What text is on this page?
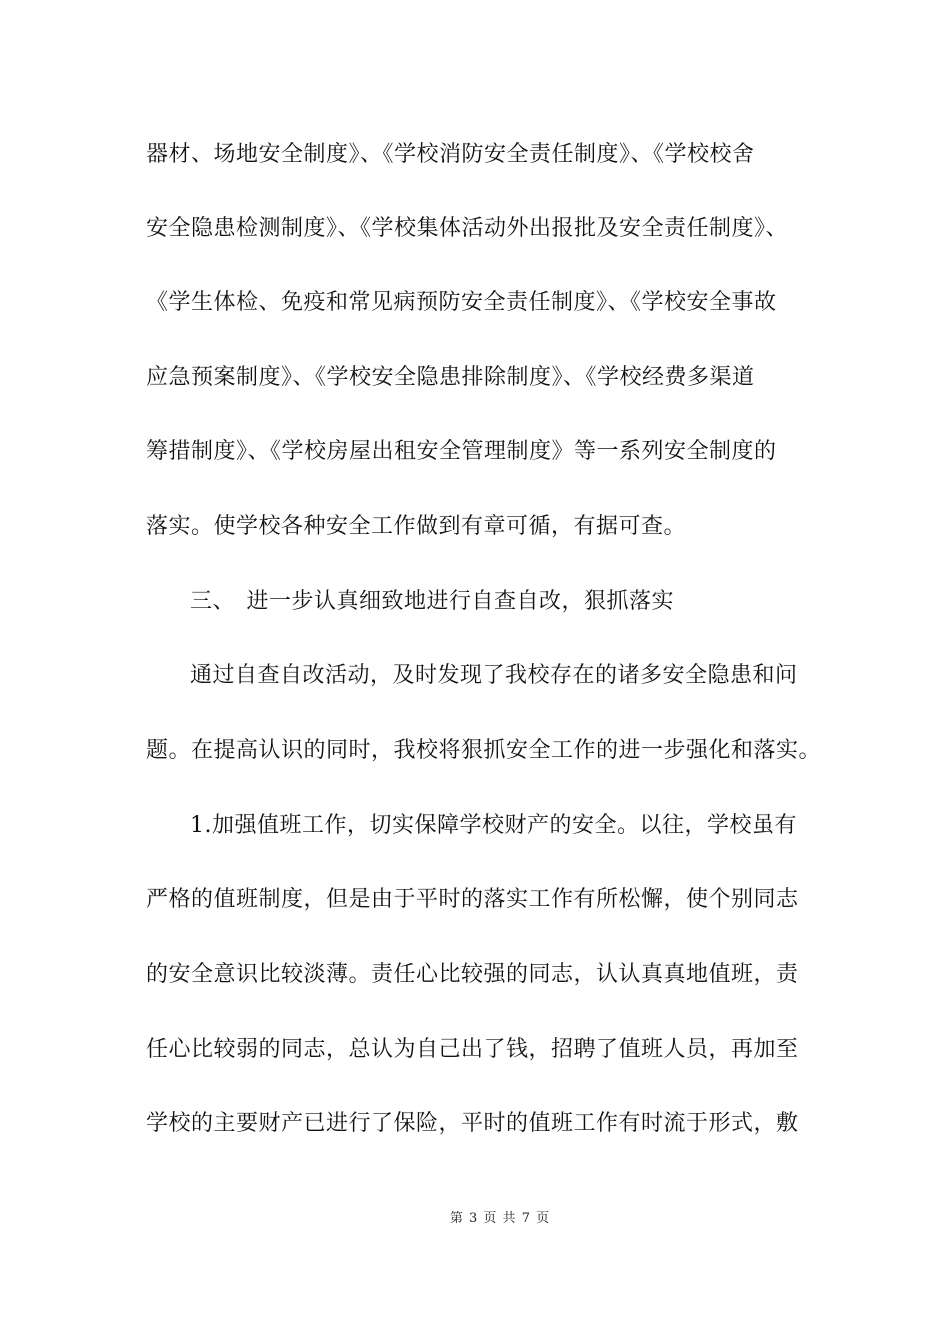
器材、场地安全制度》、《学校消防安全责任制度》、《学校校舍
安全隐患检测制度》、《学校集体活动外出报批及安全责任制度》、
《学生体检、免疫和常见病预防安全责任制度》、《学校安全事故
应急预案制度》、《学校安全隐患排除制度》、《学校经费多渠道
筹措制度》、《学校房屋出租安全管理制度》等一系列安全制度的
落实。使学校各种安全工作做到有章可循，有据可查。
三、　进一步认真细致地进行自查自改，狠抓落实
通过自查自改活动，及时发现了我校存在的诸多安全隐患和问
题。在提高认识的同时，我校将狠抓安全工作的进一步强化和落实。
1.加强值班工作，切实保障学校财产的安全。以往，学校虽有
严格的值班制度，但是由于平时的落实工作有所松懈，使个别同志
的安全意识比较淡薄。责任心比较强的同志，认认真真地值班，责
任心比较弱的同志，总认为自己出了钱，招聘了值班人员，再加至
学校的主要财产已进行了保险，平时的值班工作有时流于形式，敷
第 3 页 共 7 页
